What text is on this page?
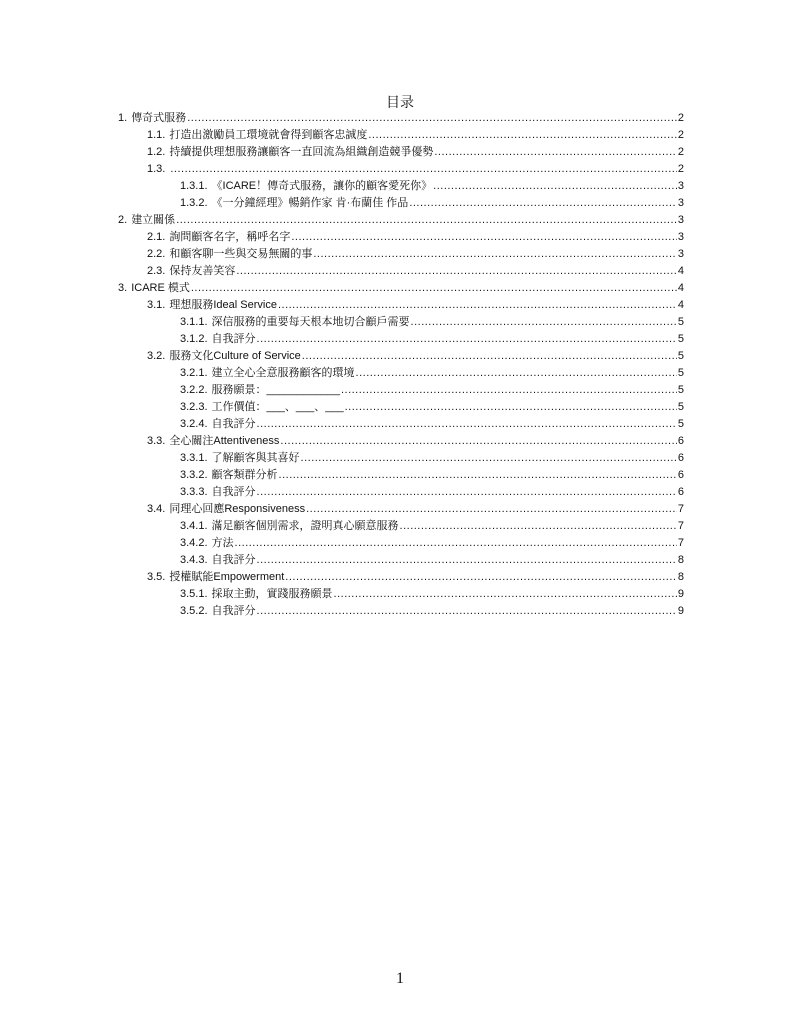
目录
1. 傳奇式服務 .....	2
1.1. 打造出激勵員工環境就會得到顧客忠誠度 .....	2
1.2. 持續提供理想服務讓顧客一直回流為組織創造競爭優勢 .....	2
1.3. .....	2
1.3.1. 《ICARE！傳奇式服務，讓你的顧客愛死你》 .....	3
1.3.2. 《一分鐘經理》暢銷作家 肯·布蘭佳 作品 .....	3
2. 建立關係 .....	3
2.1. 詢問顧客名字，稱呼名字 .....	3
2.2. 和顧客聊一些與交易無關的事 .....	3
2.3. 保持友善笑容 .....	4
3. ICARE 模式 .....	4
3.1. 理想服務Ideal Service .....	4
3.1.1. 深信服務的重要每天根本地切合顧戶需要 .....	5
3.1.2. 自我評分 .....	5
3.2. 服務文化Culture of Service .....	5
3.2.1. 建立全心全意服務顧客的環境 .....	5
3.2.2. 服務願景：____________ .....	5
3.2.3. 工作價值：___、___、___ .....	5
3.2.4. 自我評分 .....	5
3.3. 全心關注Attentiveness .....	6
3.3.1. 了解顧客與其喜好 .....	6
3.3.2. 顧客類群分析 .....	6
3.3.3. 自我評分 .....	6
3.4. 同理心回應Responsiveness .....	7
3.4.1. 滿足顧客個別需求，證明真心願意服務 .....	7
3.4.2. 方法 .....	7
3.4.3. 自我評分 .....	8
3.5. 授權賦能Empowerment .....	8
3.5.1. 採取主動，實踐服務願景 .....	9
3.5.2. 自我評分 .....	9
1
